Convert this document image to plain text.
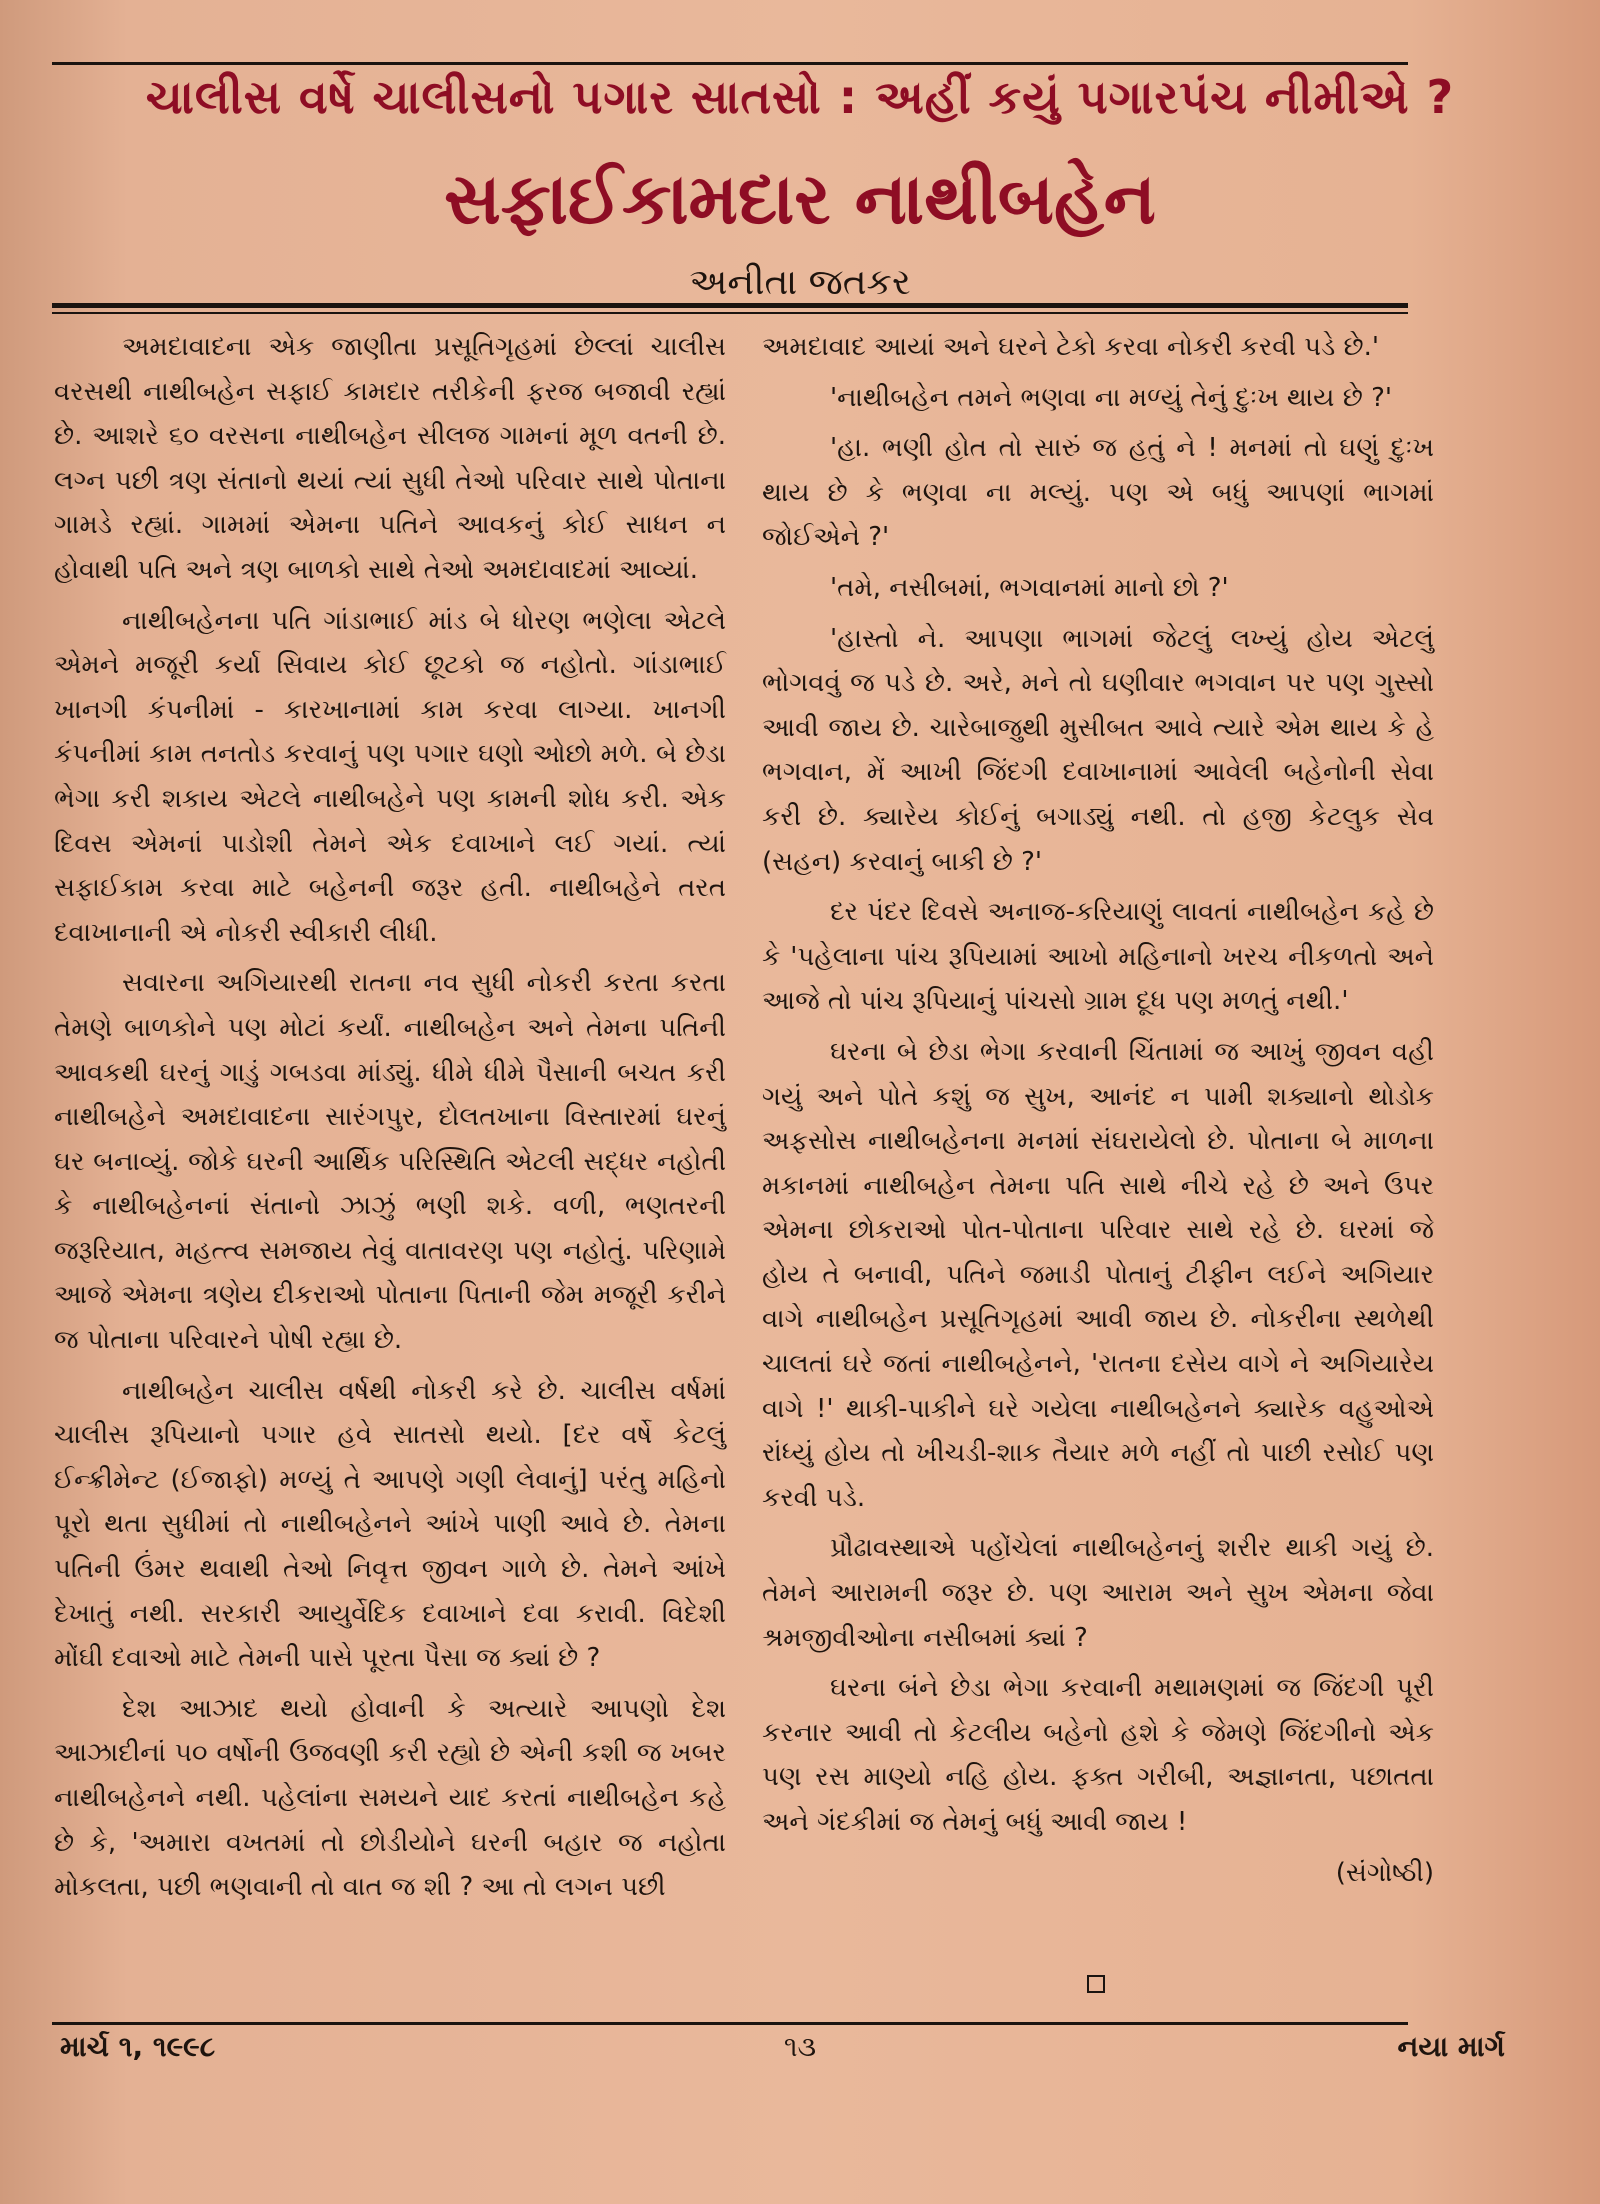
ચાલીસ વર્ષે ચાલીસનો પગાર સાતસો : અહીં કયું પગારપંચ નીમીએ ?
સફાઈકામદાર નાથીબહેન
અનીતા જતકર

અમદાવાદના એક જાણીતા પ્રસૂતિગૃહમાં છેલ્લાં ચાલીસ વરસથી નાથીબહેન સફાઈ કામદાર તરીકેની ફરજ બજાવી રહ્યાં છે. આશરે ૬૦ વરસના નાથીબહેન સીલજ ગામનાં મૂળ વતની છે. લગ્ન પછી ત્રણ સંતાનો થયાં ત્યાં સુધી તેઓ પરિવાર સાથે પોતાના ગામડે રહ્યાં. ગામમાં એમના પતિને આવકનું કોઈ સાધન ન હોવાથી પતિ અને ત્રણ બાળકો સાથે તેઓ અમદાવાદમાં આવ્યાં.

નાથીબહેનના પતિ ગાંડાભાઈ માંડ બે ધોરણ ભણેલા એટલે એમને મજૂરી કર્યા સિવાય કોઈ છૂટકો જ નહોતો. ગાંડાભાઈ ખાનગી કંપનીમાં - કારખાનામાં કામ કરવા લાગ્યા. ખાનગી કંપનીમાં કામ તનતોડ કરવાનું પણ પગાર ઘણો ઓછો મળે. બે છેડા ભેગા કરી શકાય એટલે નાથીબહેને પણ કામની શોધ કરી. એક દિવસ એમનાં પાડોશી તેમને એક દવાખાને લઈ ગયાં. ત્યાં સફાઈકામ કરવા માટે બહેનની જરૂર હતી. નાથીબહેને તરત દવાખાનાની એ નોકરી સ્વીકારી લીધી.

સવારના અગિયારથી રાતના નવ સુધી નોકરી કરતા કરતા તેમણે બાળકોને પણ મોટાં કર્યાં. નાથીબહેન અને તેમના પતિની આવકથી ઘરનું ગાડું ગબડવા માંડ્યું. ધીમે ધીમે પૈસાની બચત કરી નાથીબહેને અમદાવાદના સારંગપુર, દોલતખાના વિસ્તારમાં ઘરનું ઘર બનાવ્યું. જોકે ઘરની આર્થિક પરિસ્થિતિ એટલી સદ્ધર નહોતી કે નાથીબહેનનાં સંતાનો ઝાઝું ભણી શકે. વળી, ભણતરની જરૂરિયાત, મહત્ત્વ સમજાય તેવું વાતાવરણ પણ નહોતું. પરિણામે આજે એમના ત્રણેય દીકરાઓ પોતાના પિતાની જેમ મજૂરી કરીને જ પોતાના પરિવારને પોષી રહ્યા છે.

નાથીબહેન ચાલીસ વર્ષથી નોકરી કરે છે. ચાલીસ વર્ષમાં ચાલીસ રૂપિયાનો પગાર હવે સાતસો થયો. [દર વર્ષે કેટલું ઈન્ક્રીમેન્ટ (ઈજાફો) મળ્યું તે આપણે ગણી લેવાનું] પરંતુ મહિનો પૂરો થતા સુધીમાં તો નાથીબહેનને આંખે પાણી આવે છે. તેમના પતિની ઉંમર થવાથી તેઓ નિવૃત્ત જીવન ગાળે છે. તેમને આંખે દેખાતું નથી. સરકારી આયુર્વેદિક દવાખાને દવા કરાવી. વિદેશી મોંઘી દવાઓ માટે તેમની પાસે પૂરતા પૈસા જ ક્યાં છે ?

દેશ આઝાદ થયો હોવાની કે અત્યારે આપણો દેશ આઝાદીનાં ૫૦ વર્ષોની ઉજવણી કરી રહ્યો છે એની કશી જ ખબર નાથીબહેનને નથી. પહેલાંના સમયને યાદ કરતાં નાથીબહેન કહે છે કે, 'અમારા વખતમાં તો છોડીયોને ઘરની બહાર જ નહોતા મોકલતા, પછી ભણવાની તો વાત જ શી ? આ તો લગન પછી

અમદાવાદ આયાં અને ઘરને ટેકો કરવા નોકરી કરવી પડે છે.'

'નાથીબહેન તમને ભણવા ના મળ્યું તેનું દુઃખ થાય છે ?'

'હા. ભણી હોત તો સારું જ હતું ને ! મનમાં તો ઘણું દુઃખ થાય છે કે ભણવા ના મલ્યું. પણ એ બધું આપણાં ભાગમાં જોઈએને ?'

'તમે, નસીબમાં, ભગવાનમાં માનો છો ?'

'હાસ્તો ને. આપણા ભાગમાં જેટલું લખ્યું હોય એટલું ભોગવવું જ પડે છે. અરે, મને તો ઘણીવાર ભગવાન પર પણ ગુસ્સો આવી જાય છે. ચારેબાજુથી મુસીબત આવે ત્યારે એમ થાય કે હે ભગવાન, મેં આખી જિંદગી દવાખાનામાં આવેલી બહેનોની સેવા કરી છે. ક્યારેય કોઈનું બગાડ્યું નથી. તો હજી કેટલુક સેવ (સહન) કરવાનું બાકી છે ?'

દર પંદર દિવસે અનાજ-કરિયાણું લાવતાં નાથીબહેન કહે છે કે 'પહેલાના પાંચ રૂપિયામાં આખો મહિનાનો ખરચ નીકળતો અને આજે તો પાંચ રૂપિયાનું પાંચસો ગ્રામ દૂધ પણ મળતું નથી.'

ઘરના બે છેડા ભેગા કરવાની ચિંતામાં જ આખું જીવન વહી ગયું અને પોતે કશું જ સુખ, આનંદ ન પામી શક્યાનો થોડોક અફસોસ નાથીબહેનના મનમાં સંઘરાયેલો છે. પોતાના બે માળના મકાનમાં નાથીબહેન તેમના પતિ સાથે નીચે રહે છે અને ઉપર એમના છોકરાઓ પોત-પોતાના પરિવાર સાથે રહે છે. ઘરમાં જે હોય તે બનાવી, પતિને જમાડી પોતાનું ટીફીન લઈને અગિયાર વાગે નાથીબહેન પ્રસૂતિગૃહમાં આવી જાય છે. નોકરીના સ્થળેથી ચાલતાં ઘરે જતાં નાથીબહેનને, 'રાતના દસેય વાગે ને અગિયારેય વાગે !' થાકી-પાકીને ઘરે ગયેલા નાથીબહેનને ક્યારેક વહુઓએ રાંધ્યું હોય તો ખીચડી-શાક તૈયાર મળે નહીં તો પાછી રસોઈ પણ કરવી પડે.

પ્રૌઢાવસ્થાએ પહોંચેલાં નાથીબહેનનું શરીર થાકી ગયું છે. તેમને આરામની જરૂર છે. પણ આરામ અને સુખ એમના જેવા શ્રમજીવીઓના નસીબમાં ક્યાં ?

ઘરના બંને છેડા ભેગા કરવાની મથામણમાં જ જિંદગી પૂરી કરનાર આવી તો કેટલીય બહેનો હશે કે જેમણે જિંદગીનો એક પણ રસ માણ્યો નહિ હોય. ફક્ત ગરીબી, અજ્ઞાનતા, પછાતતા અને ગંદકીમાં જ તેમનું બધું આવી જાય !

(સંગોષ્ઠી)

માર્ચ ૧, ૧૯૯૮	૧૩	નયા માર્ગ
